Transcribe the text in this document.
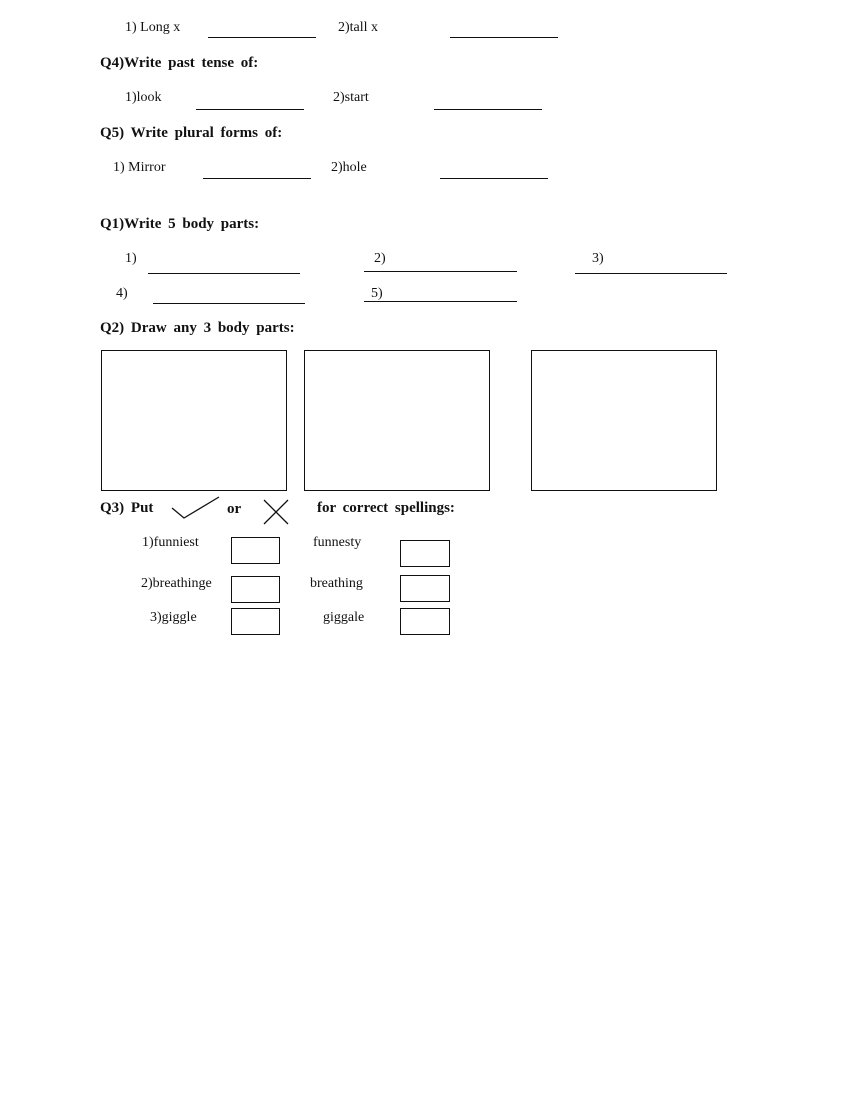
1) Long x	2)tall x
Q4)Write past tense of:
1)look	2)start
Q5) Write plural forms of:
1) Mirror	2)hole
Q1)Write 5 body parts:
1)	2)	3)
4)	5)
Q2) Draw any 3 body parts:
Q3) Put	or	for correct spellings:
1)funniest	funnesty
2)breathinge	breathing
3)giggle	giggale
